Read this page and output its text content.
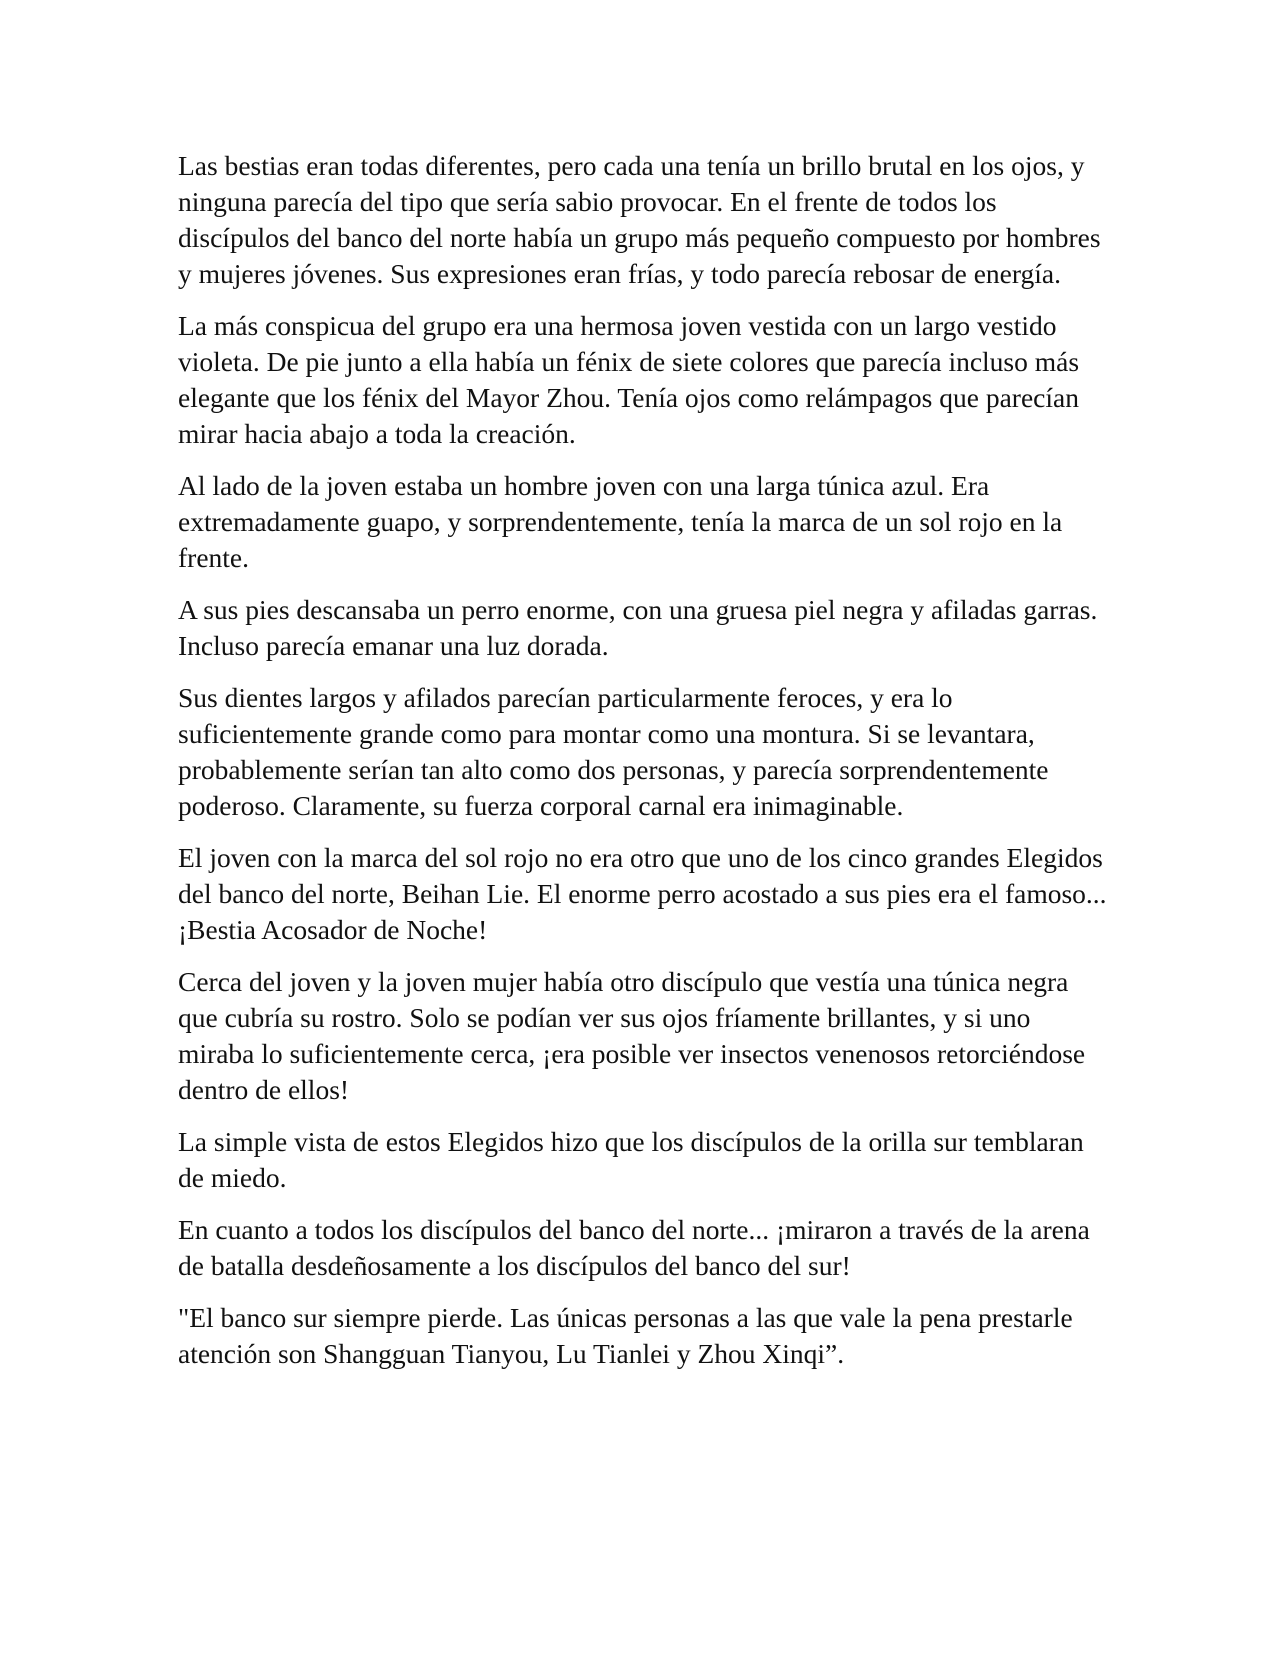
Las bestias eran todas diferentes, pero cada una tenía un brillo brutal en los ojos, y ninguna parecía del tipo que sería sabio provocar. En el frente de todos los discípulos del banco del norte había un grupo más pequeño compuesto por hombres y mujeres jóvenes. Sus expresiones eran frías, y todo parecía rebosar de energía.

La más conspicua del grupo era una hermosa joven vestida con un largo vestido violeta. De pie junto a ella había un fénix de siete colores que parecía incluso más elegante que los fénix del Mayor Zhou. Tenía ojos como relámpagos que parecían mirar hacia abajo a toda la creación.

Al lado de la joven estaba un hombre joven con una larga túnica azul. Era extremadamente guapo, y sorprendentemente, tenía la marca de un sol rojo en la frente.

A sus pies descansaba un perro enorme, con una gruesa piel negra y afiladas garras. Incluso parecía emanar una luz dorada.

Sus dientes largos y afilados parecían particularmente feroces, y era lo suficientemente grande como para montar como una montura. Si se levantara, probablemente serían tan alto como dos personas, y parecía sorprendentemente poderoso. Claramente, su fuerza corporal carnal era inimaginable.

El joven con la marca del sol rojo no era otro que uno de los cinco grandes Elegidos del banco del norte, Beihan Lie. El enorme perro acostado a sus pies era el famoso... ¡Bestia Acosador de Noche!

Cerca del joven y la joven mujer había otro discípulo que vestía una túnica negra que cubría su rostro. Solo se podían ver sus ojos fríamente brillantes, y si uno miraba lo suficientemente cerca, ¡era posible ver insectos venenosos retorciéndose dentro de ellos!

La simple vista de estos Elegidos hizo que los discípulos de la orilla sur temblaran de miedo.

En cuanto a todos los discípulos del banco del norte... ¡miraron a través de la arena de batalla desdeñosamente a los discípulos del banco del sur!

"El banco sur siempre pierde. Las únicas personas a las que vale la pena prestarle atención son Shangguan Tianyou, Lu Tianlei y Zhou Xinqi”.
